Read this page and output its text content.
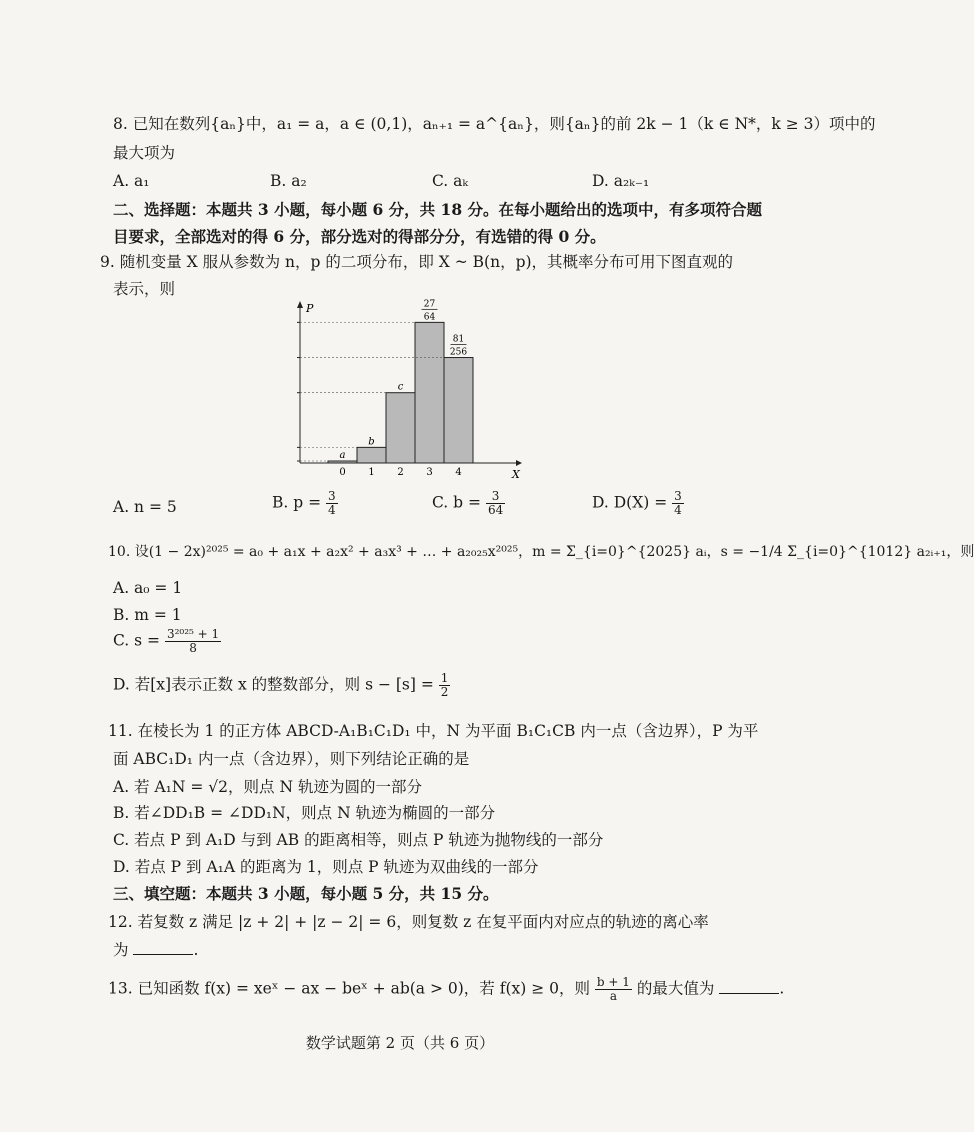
8. 已知在数列{aₙ}中，a₁ = a，a ∈ (0,1)，aₙ₊₁ = a^{aₙ}，则{aₙ}的前 2k − 1（k ∈ N*，k ≥ 3）项中的
最大项为
A. a₁	B. a₂	C. aₖ	D. a₂ₖ₋₁
二、选择题：本题共 3 小题，每小题 6 分，共 18 分。在每小题给出的选项中，有多项符合题
目要求，全部选对的得 6 分，部分选对的得部分分，有选错的得 0 分。
9. 随机变量 X 服从参数为 n，p 的二项分布，即 X ~ B(n，p)，其概率分布可用下图直观的
表示，则
P
X
0
a
1
b
2
c
3
27
64
4
81
256
A. n = 5	B. $p = \frac{3}{4}$	C. $b = \frac{3}{64}$	D. $D(X) = \frac{3}{4}$
10. 设(1 − 2x)²⁰²⁵ = a₀ + a₁x + a₂x² + a₃x³ + … + a₂₀₂₅x²⁰²⁵，m = Σ_{i=0}^{2025} aᵢ，s = −1/4 Σ_{i=0}^{1012} a₂ᵢ₊₁，则
A. a₀ = 1
B. m = 1
C. $s = \frac{\text{3²⁰²⁵ + 1}}{8}$
D. 若[x]表示正数 x 的整数部分，则 $s - [s] = \frac{1}{2}$
11. 在棱长为 1 的正方体 ABCD-A₁B₁C₁D₁ 中，N 为平面 B₁C₁CB 内一点（含边界），P 为平
面 ABC₁D₁ 内一点（含边界），则下列结论正确的是
A. 若 A₁N = √2，则点 N 轨迹为圆的一部分
B. 若∠DD₁B = ∠DD₁N，则点 N 轨迹为椭圆的一部分
C. 若点 P 到 A₁D 与到 AB 的距离相等，则点 P 轨迹为抛物线的一部分
D. 若点 P 到 A₁A 的距离为 1，则点 P 轨迹为双曲线的一部分
三、填空题：本题共 3 小题，每小题 5 分，共 15 分。
12. 若复数 z 满足 |z + 2| + |z − 2| = 6，则复数 z 在复平面内对应点的轨迹的离心率
为	.
13. 已知函数 f(x) = xeˣ − ax − beˣ + ab(a > 0)，若 f(x) ≥ 0，则 $\frac{b + 1}{a}$ 的最大值为	.
数学试题第 2 页（共 6 页）
